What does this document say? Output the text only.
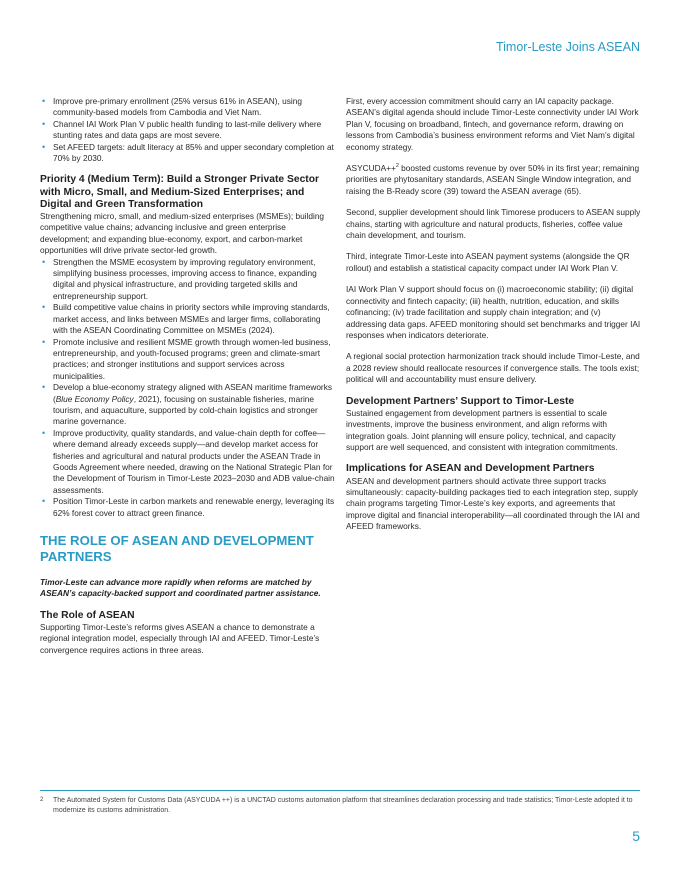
Timor-Leste Joins ASEAN
• Improve pre-primary enrollment (25% versus 61% in ASEAN), using community-based models from Cambodia and Viet Nam.
• Channel IAI Work Plan V public health funding to last-mile delivery where stunting rates and data gaps are most severe.
• Set AFEED targets: adult literacy at 85% and upper secondary completion at 70% by 2030.
Priority 4 (Medium Term): Build a Stronger Private Sector with Micro, Small, and Medium-Sized Enterprises; and Digital and Green Transformation

Strengthening micro, small, and medium-sized enterprises (MSMEs); building competitive value chains; advancing inclusive and green enterprise development; and expanding blue-economy, export, and carbon-market opportunities will drive private sector-led growth.

• Strengthen the MSME ecosystem by improving regulatory environment, simplifying business processes, improving access to finance, expanding digital and physical infrastructure, and providing targeted skills and entrepreneurship support.
• Build competitive value chains in priority sectors while improving standards, market access, and links between MSMEs and larger firms, collaborating with the ASEAN Coordinating Committee on MSMEs (2024).
• Promote inclusive and resilient MSME growth through women-led business, entrepreneurship, and youth-focused programs; green and climate-smart practices; and stronger institutions and support services across municipalities.
• Develop a blue-economy strategy aligned with ASEAN maritime frameworks (Blue Economy Policy, 2021), focusing on sustainable fisheries, marine tourism, and aquaculture, supported by cold-chain logistics and stronger marine governance.
• Improve productivity, quality standards, and value-chain depth for coffee—where demand already exceeds supply—and develop market access for fisheries and agricultural and natural products under the ASEAN Trade in Goods Agreement where needed, drawing on the National Strategic Plan for the Development of Tourism in Timor-Leste 2023–2030 and ADB value-chain assessments.
• Position Timor-Leste in carbon markets and renewable energy, leveraging its 62% forest cover to attract green finance.
THE ROLE OF ASEAN AND DEVELOPMENT PARTNERS

Timor-Leste can advance more rapidly when reforms are matched by ASEAN’s capacity-backed support and coordinated partner assistance.

The Role of ASEAN

Supporting Timor-Leste’s reforms gives ASEAN a chance to demonstrate a regional integration model, especially through IAI and AFEED. Timor-Leste’s convergence requires actions in three areas.

First, every accession commitment should carry an IAI capacity package. ASEAN’s digital agenda should include Timor-Leste connectivity under IAI Work Plan V, focusing on broadband, fintech, and governance reform, drawing on lessons from Cambodia’s business environment reforms and Viet Nam’s digital economy strategy.

ASYCUDA++$^2$ boosted customs revenue by over 50% in its first year; remaining priorities are phytosanitary standards, ASEAN Single Window integration, and raising the B-Ready score (39) toward the ASEAN average (65).

Second, supplier development should link Timorese producers to ASEAN supply chains, starting with agriculture and natural products, fisheries, coffee value chain development, and tourism.

Third, integrate Timor-Leste into ASEAN payment systems (alongside the QR rollout) and establish a statistical capacity compact under IAI Work Plan V.

IAI Work Plan V support should focus on (i) macroeconomic stability; (ii) digital connectivity and fintech capacity; (iii) health, nutrition, education, and skills cofinancing; (iv) trade facilitation and supply chain integration; and (v) addressing data gaps. AFEED monitoring should set benchmarks and trigger IAI responses when indicators deteriorate.

A regional social protection harmonization track should include Timor-Leste, and a 2028 review should reallocate resources if convergence stalls. The tools exist; political will and accountability must ensure delivery.

Development Partners’ Support to Timor-Leste

Sustained engagement from development partners is essential to scale investments, improve the business environment, and align reforms with integration goals. Joint planning will ensure policy, technical, and capacity support are well sequenced, and consistent with integration commitments.

Implications for ASEAN and Development Partners

ASEAN and development partners should activate three support tracks simultaneously: capacity-building packages tied to each integration step, supply chain programs targeting Timor-Leste’s key exports, and agreements that improve digital and financial interoperability—all coordinated through the IAI and AFEED frameworks.

2 The Automated System for Customs Data (ASYCUDA ++) is a UNCTAD customs automation platform that streamlines declaration processing and trade statistics; Timor-Leste adopted it to modernize its customs administration.
5
